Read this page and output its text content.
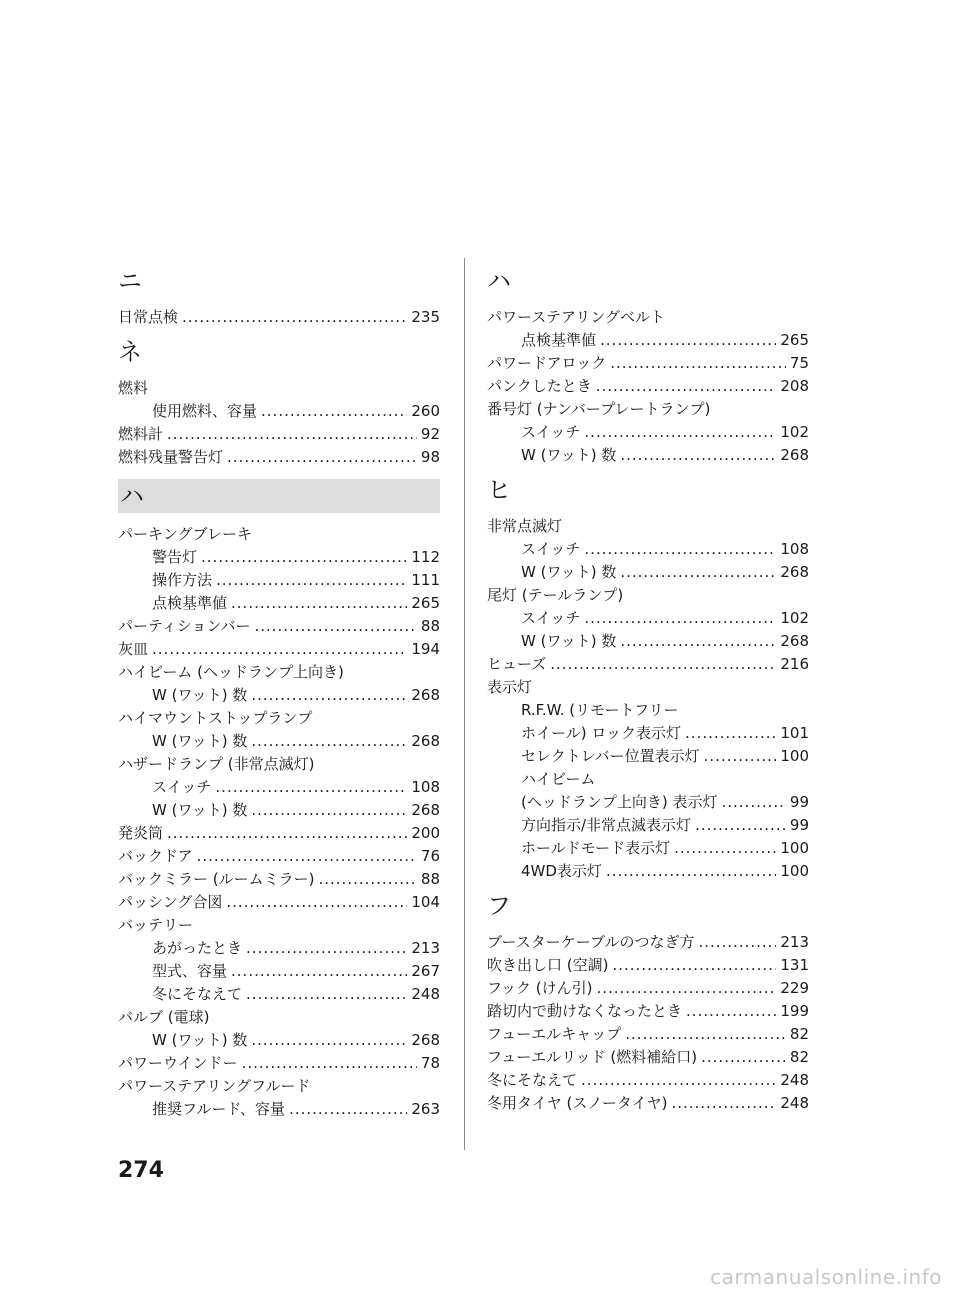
ニ
日常点検 .....	235
ネ
燃料
使用燃料、容量 .....	260
燃料計 .....	92
燃料残量警告灯 .....	98
ハ
パーキングブレーキ
警告灯 .....	112
操作方法 .....	111
点検基準値 .....	265
パーティションバー .....	88
灰皿 .....	194
ハイビーム (ヘッドランプ上向き)
W (ワット) 数 .....	268
ハイマウントストップランプ
W (ワット) 数 .....	268
ハザードランプ (非常点滅灯)
スイッチ .....	108
W (ワット) 数 .....	268
発炎筒 .....	200
バックドア .....	76
バックミラー (ルームミラー) .....	88
パッシング合図 .....	104
バッテリー
あがったとき .....	213
型式、容量 .....	267
冬にそなえて .....	248
バルブ (電球)
W (ワット) 数 .....	268
パワーウインドー .....	78
パワーステアリングフルード
推奨フルード、容量 .....	263
ハ
パワーステアリングベルト
点検基準値 .....	265
パワードアロック .....	75
パンクしたとき .....	208
番号灯 (ナンバープレートランプ)
スイッチ .....	102
W (ワット) 数 .....	268
ヒ
非常点滅灯
スイッチ .....	108
W (ワット) 数 .....	268
尾灯 (テールランプ)
スイッチ .....	102
W (ワット) 数 .....	268
ヒューズ .....	216
表示灯
R.F.W. (リモートフリー
ホイール) ロック表示灯 .....	101
セレクトレバー位置表示灯 .....	100
ハイビーム
(ヘッドランプ上向き) 表示灯 .....	99
方向指示/非常点滅表示灯 .....	99
ホールドモード表示灯 .....	100
4WD表示灯 .....	100
フ
ブースターケーブルのつなぎ方 .....	213
吹き出し口 (空調) .....	131
フック (けん引) .....	229
踏切内で動けなくなったとき .....	199
フューエルキャップ .....	82
フューエルリッド (燃料補給口) .....	82
冬にそなえて .....	248
冬用タイヤ (スノータイヤ) .....	248
274
carmanualsonline.info
